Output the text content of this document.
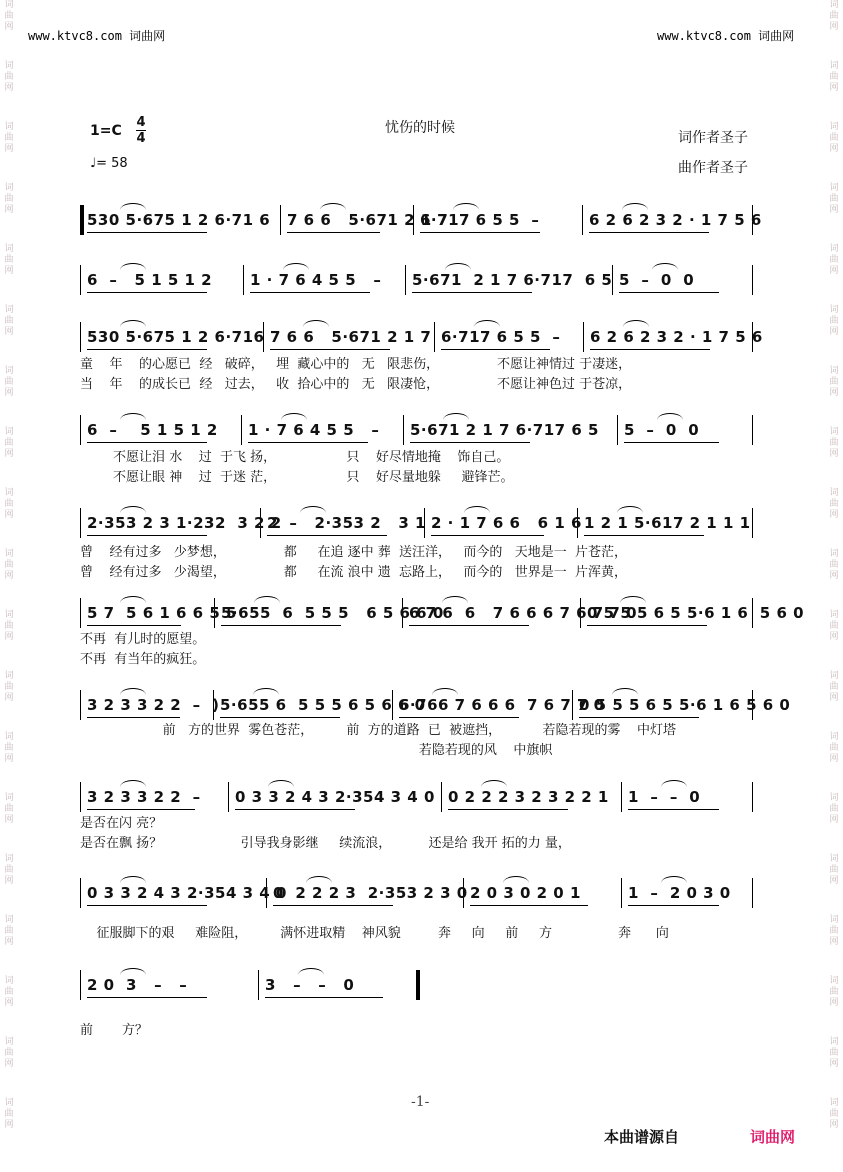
词
曲
网
词
曲
网
词
曲
网
词
曲
网
词
曲
网
词
曲
网
词
曲
网
词
曲
网
词
曲
网
词
曲
网
词
曲
网
词
曲
网
词
曲
网
词
曲
网
词
曲
网
词
曲
网
词
曲
网
词
曲
网
词
曲
网
词
曲
网
词
曲
网
词
曲
网
词
曲
网
词
曲
网
词
曲
网
词
曲
网
词
曲
网
词
曲
网
词
曲
网
词
曲
网
词
曲
网
词
曲
网
词
曲
网
词
曲
网
词
曲
网
词
曲
网
词
曲
网
词
曲
网
www.ktvc8.com 词曲网	www.ktvc8.com 词曲网
1=C
4
4
♩= 58
忧伤的时候
词作者圣子
曲作者圣子
530 5·675 1 2 6·71 6 7 6 6   5·671 2 1 7
6·717 6 5 5  –	6 2 6 2 3 2 · 1 7 5 6
6  –   5 1 5 1 2	1 · 7 6 4 5 5   – 5·671  2 1 7 6·717  6 5 5  –  0  0
530 5·675 1 2 6·716 7 6 6   5·671 2 1 7 6·717 6 5 5  – 6 2 6 2 3 2 · 1 7 5 6
童    年    的心愿已  经   破碎，   埋  藏心中的   无   限悲伤，              不愿让神情过 于凄迷，
当    年    的成长已  经   过去，   收  拾心中的   无   限凄怆，              不愿让神色过 于苍凉，
6  –    5 1 5 1 2 1 · 7 6 4 5 5   – 5·671 2 1 7 6·717 6 5 5  –  0  0
不愿让泪 水    过  于飞 扬，                 只    好尽情地掩    饰自己。
不愿让眼 神    过  于迷 茫，                 只    好尽量地躲     避锋芒。
2·353 2 3 1·232  3 2 2
2  –   2·353 2   3 1 2 · 1 7 6 6   6 1 6 1 2 1 5·617 2 1 1 1
曾    经有过多   少梦想，              都     在追 逐中 葬  送汪洋，   而今的   天地是一  片苍茫，
曾    经有过多   少渴望，              都     在流 浪中 遗  忘路上，   而今的   世界是一  片浑黄，
5 7  5 6 1 6 6 5 5
5·655  6  5 5 5   6 5 6 6 0
6 7 6  6   7 6 6 6 7 6 7 7 0
0 5 5 5 6 5 5·6 1 6  5 6 0
不再  有儿时的愿望。
不再  有当年的疯狂。
3 2 3 3 2 2  –  ) 5·655 6  5 5 5 6 5 6 6 0
6·766 7 6 6 6  7 6 7 7 0
0 5 5 5 6 5 5·6 1 6 5 6 0
前   方的世界  雾色苍茫，        前  方的道路  已  被遮挡，          若隐若现的雾    中灯塔
若隐若现的风    中旗帜
3 2 3 3 2 2  – 0 3 3 2 4 3 2·354 3 4 0 0 2 2 2 3 2 3 2 2 1 1  –  –  0
是否在闪 亮？
是否在飘 扬？                   引导我身影继     续流浪，         还是给 我开 拓的力 量，
0 3 3 2 4 3 2·354 3 4 0
0  2 2 2 3  2·353 2 3 0 2 0 3 0 2 0 1	1  –  2 0 3 0
征服脚下的艰     难险阻，        满怀进取精    神风貌         奔     向     前     方                奔      向
2 0  3   –   –	3   –   –   0
前       方？
-1-
本曲谱源自	词曲网
